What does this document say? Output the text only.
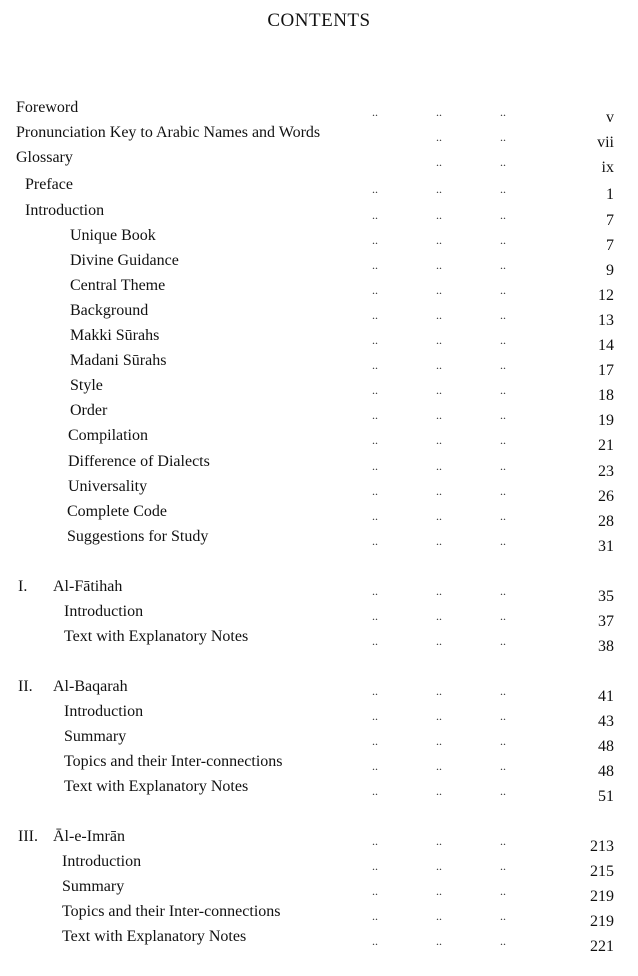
CONTENTS
Foreword	..	..	..	v
Pronunciation Key to Arabic Names and Words	..	..	vii
Glossary	..	..	ix
Preface	..	..	..	1
Introduction	..	..	..	7
Unique Book	..	..	..	7
Divine Guidance	..	..	..	9
Central Theme	..	..	..	12
Background	..	..	..	13
Makki Sūrahs	..	..	..	14
Madani Sūrahs	..	..	..	17
Style	..	..	..	18
Order	..	..	..	19
Compilation	..	..	..	21
Difference of Dialects	..	..	..	23
Universality	..	..	..	26
Complete Code	..	..	..	28
Suggestions for Study	..	..	..	31
I. Al-Fātihah	..	..	..	35
Introduction	..	..	..	37
Text with Explanatory Notes	..	..	..	38
II. Al-Baqarah	..	..	..	41
Introduction	..	..	..	43
Summary	..	..	..	48
Topics and their Inter-connections	..	..	..	48
Text with Explanatory Notes	..	..	..	51
III. Āl-e-Imrān	..	..	..	213
Introduction	..	..	..	215
Summary	..	..	..	219
Topics and their Inter-connections	..	..	..	219
Text with Explanatory Notes	..	..	..	221
